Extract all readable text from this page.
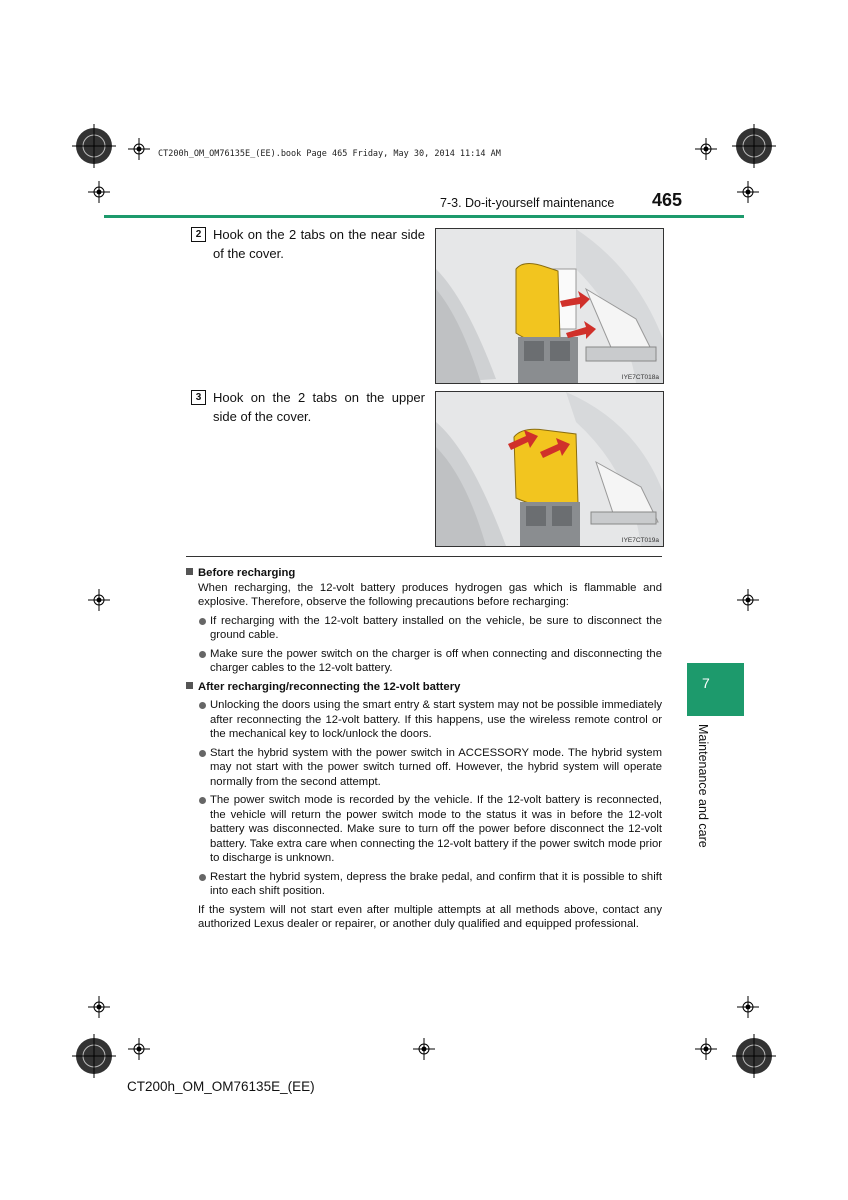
CT200h_OM_OM76135E_(EE).book Page 465 Friday, May 30, 2014 11:14 AM
7-3. Do-it-yourself maintenance 465
2 Hook on the 2 tabs on the near side of the cover.
IYE7CT018a
3 Hook on the 2 tabs on the upper side of the cover.
IYE7CT019a
Before recharging
When recharging, the 12-volt battery produces hydrogen gas which is flammable and explosive. Therefore, observe the following precautions before recharging:
If recharging with the 12-volt battery installed on the vehicle, be sure to disconnect the ground cable.
Make sure the power switch on the charger is off when connecting and disconnecting the charger cables to the 12-volt battery.
After recharging/reconnecting the 12-volt battery
Unlocking the doors using the smart entry & start system may not be possible immediately after reconnecting the 12-volt battery. If this happens, use the wireless remote control or the mechanical key to lock/unlock the doors.
Start the hybrid system with the power switch in ACCESSORY mode. The hybrid system may not start with the power switch turned off. However, the hybrid system will operate normally from the second attempt.
The power switch mode is recorded by the vehicle. If the 12-volt battery is reconnected, the vehicle will return the power switch mode to the status it was in before the 12-volt battery was disconnected. Make sure to turn off the power before disconnect the 12-volt battery. Take extra care when connecting the 12-volt battery if the power switch mode prior to discharge is unknown.
Restart the hybrid system, depress the brake pedal, and confirm that it is possible to shift into each shift position.
If the system will not start even after multiple attempts at all methods above, contact any authorized Lexus dealer or repairer, or another duly qualified and equipped professional.
7
Maintenance and care
CT200h_OM_OM76135E_(EE)
